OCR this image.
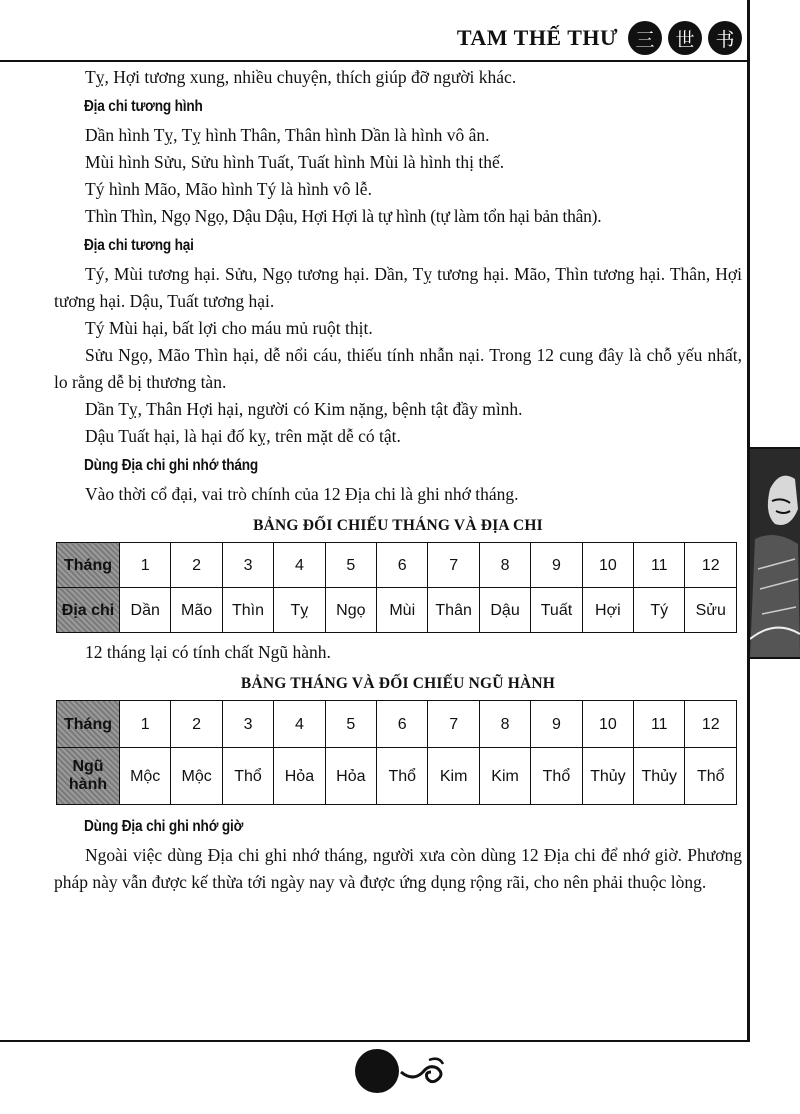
TAM THẾ THƯ 三	世	书

Tỵ, Hợi tương xung, nhiều chuyện, thích giúp đỡ người khác.

Địa chi tương hình

Dần hình Tỵ, Tỵ hình Thân, Thân hình Dần là hình vô ân.

Mùi hình Sửu, Sửu hình Tuất, Tuất hình Mùi là hình thị thế.

Tý hình Mão, Mão hình Tý là hình vô lễ.

Thìn Thìn, Ngọ Ngọ, Dậu Dậu, Hợi Hợi là tự hình (tự làm tổn hại bản thân).

Địa chi tương hại

Tý, Mùi tương hại. Sửu, Ngọ tương hại. Dần, Tỵ tương hại. Mão, Thìn tương hại. Thân, Hợi tương hại. Dậu, Tuất tương hại.

Tý Mùi hại, bất lợi cho máu mủ ruột thịt.

Sửu Ngọ, Mão Thìn hại, dễ nổi cáu, thiếu tính nhẫn nại. Trong 12 cung đây là chỗ yếu nhất, lo rằng dễ bị thương tàn.

Dần Tỵ, Thân Hợi hại, người có Kim nặng, bệnh tật đầy mình.

Dậu Tuất hại, là hại đố kỵ, trên mặt dễ có tật.

Dùng Địa chi ghi nhớ tháng

Vào thời cổ đại, vai trò chính của 12 Địa chi là ghi nhớ tháng.

BẢNG ĐỐI CHIẾU THÁNG VÀ ĐỊA CHI
Tháng	1	2	3	4	5	6	7	8	9	10	11	12
Địa chi	Dần	Mão	Thìn	Tỵ	Ngọ	Mùi	Thân	Dậu	Tuất	Hợi	Tý	Sửu

12 tháng lại có tính chất Ngũ hành.

BẢNG THÁNG VÀ ĐỐI CHIẾU NGŨ HÀNH
Tháng	1	2	3	4	5	6	7	8	9	10	11	12
Ngũ
hành	Mộc	Mộc	Thổ	Hỏa	Hỏa	Thổ	Kim	Kim	Thổ	Thủy	Thủy	Thổ
Dùng Địa chi ghi nhớ giờ

Ngoài việc dùng Địa chi ghi nhớ tháng, người xưa còn dùng 12 Địa chi để nhớ giờ. Phương pháp này vẫn được kế thừa tới ngày nay và được ứng dụng rộng rãi, cho nên phải thuộc lòng.
